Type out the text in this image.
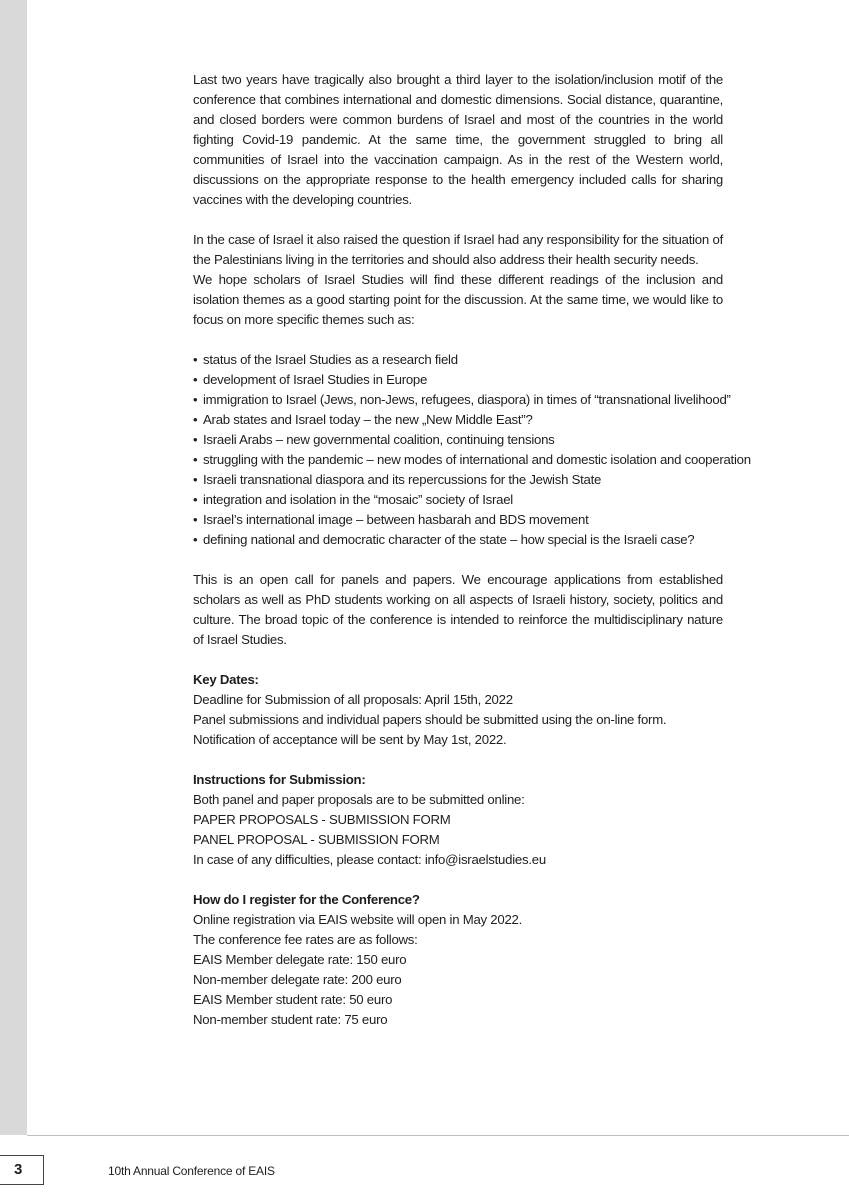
Last two years have tragically also brought a third layer to the isolation/inclusion motif of the conference that combines international and domestic dimensions. Social distance, quarantine, and closed borders were common burdens of Israel and most of the countries in the world fighting Covid-19 pandemic. At the same time, the government struggled to bring all communities of Israel into the vaccination campaign. As in the rest of the Western world, discussions on the appropriate response to the health emergency included calls for sharing vaccines with the developing countries.

In the case of Israel it also raised the question if Israel had any responsibility for the situation of the Palestinians living in the territories and should also address their health security needs.

We hope scholars of Israel Studies will find these different readings of the inclusion and isolation themes as a good starting point for the discussion. At the same time, we would like to focus on more specific themes such as:

• status of the Israel Studies as a research field
• development of Israel Studies in Europe
• immigration to Israel (Jews, non-Jews, refugees, diaspora) in times of “transnational livelihood”
• Arab states and Israel today – the new „New Middle East”?
• Israeli Arabs – new governmental coalition, continuing tensions
• struggling with the pandemic – new modes of international and domestic isolation and cooperation
• Israeli transnational diaspora and its repercussions for the Jewish State
• integration and isolation in the “mosaic” society of Israel
• Israel’s international image – between hasbarah and BDS movement
• defining national and democratic character of the state – how special is the Israeli case?

This is an open call for panels and papers. We encourage applications from established scholars as well as PhD students working on all aspects of Israeli history, society, politics and culture. The broad topic of the conference is intended to reinforce the multidisciplinary nature of Israel Studies.

Key Dates:
Deadline for Submission of all proposals: April 15th, 2022
Panel submissions and individual papers should be submitted using the on-line form.
Notification of acceptance will be sent by May 1st, 2022.
Instructions for Submission:
Both panel and paper proposals are to be submitted online:
PAPER PROPOSALS - SUBMISSION FORM
PANEL PROPOSAL - SUBMISSION FORM
In case of any difficulties, please contact: info@israelstudies.eu
How do I register for the Conference?
Online registration via EAIS website will open in May 2022.
The conference fee rates are as follows:
EAIS Member delegate rate: 150 euro
Non-member delegate rate: 200 euro
EAIS Member student rate: 50 euro
Non-member student rate: 75 euro
3	10th Annual Conference of EAIS
